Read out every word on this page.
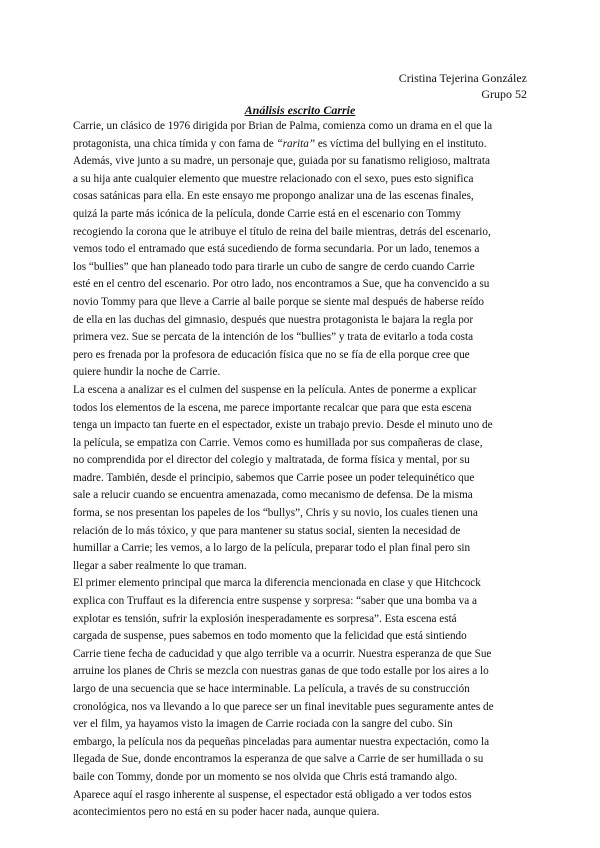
Cristina Tejerina González
Grupo 52
Análisis escrito Carrie

Carrie, un clásico de 1976 dirigida por Brian de Palma, comienza como un drama en el que la
protagonista, una chica tímida y con fama de “rarita” es víctima del bullying en el instituto.
Además, vive junto a su madre, un personaje que, guiada por su fanatismo religioso, maltrata
a su hija ante cualquier elemento que muestre relacionado con el sexo, pues esto significa
cosas satánicas para ella. En este ensayo me propongo analizar una de las escenas finales,
quizá la parte más icónica de la película, donde Carrie está en el escenario con Tommy
recogiendo la corona que le atribuye el título de reina del baile mientras, detrás del escenario,
vemos todo el entramado que está sucediendo de forma secundaria. Por un lado, tenemos a
los “bullies” que han planeado todo para tirarle un cubo de sangre de cerdo cuando Carrie
esté en el centro del escenario. Por otro lado, nos encontramos a Sue, que ha convencido a su
novio Tommy para que lleve a Carrie al baile porque se siente mal después de haberse reído
de ella en las duchas del gimnasio, después que nuestra protagonista le bajara la regla por
primera vez. Sue se percata de la intención de los “bullies” y trata de evitarlo a toda costa
pero es frenada por la profesora de educación física que no se fía de ella porque cree que
quiere hundir la noche de Carrie.

La escena a analizar es el culmen del suspense en la película. Antes de ponerme a explicar
todos los elementos de la escena, me parece importante recalcar que para que esta escena
tenga un impacto tan fuerte en el espectador, existe un trabajo previo. Desde el minuto uno de
la película, se empatiza con Carrie. Vemos como es humillada por sus compañeras de clase,
no comprendida por el director del colegio y maltratada, de forma física y mental, por su
madre. También, desde el principio, sabemos que Carrie posee un poder telequinético que
sale a relucir cuando se encuentra amenazada, como mecanismo de defensa. De la misma
forma, se nos presentan los papeles de los “bullys”, Chris y su novio, los cuales tienen una
relación de lo más tóxico, y que para mantener su status social, sienten la necesidad de
humillar a Carrie; les vemos, a lo largo de la película, preparar todo el plan final pero sin
llegar a saber realmente lo que traman.

El primer elemento principal que marca la diferencia mencionada en clase y que Hitchcock
explica con Truffaut es la diferencia entre suspense y sorpresa: “saber que una bomba va a
explotar es tensión, sufrir la explosión inesperadamente es sorpresa”. Esta escena está
cargada de suspense, pues sabemos en todo momento que la felicidad que está sintiendo
Carrie tiene fecha de caducidad y que algo terrible va a ocurrir. Nuestra esperanza de que Sue
arruine los planes de Chris se mezcla con nuestras ganas de que todo estalle por los aires a lo
largo de una secuencia que se hace interminable. La película, a través de su construcción
cronológica, nos va llevando a lo que parece ser un final inevitable pues seguramente antes de
ver el film, ya hayamos visto la imagen de Carrie rociada con la sangre del cubo. Sin
embargo, la película nos da pequeñas pinceladas para aumentar nuestra expectación, como la
llegada de Sue, donde encontramos la esperanza de que salve a Carrie de ser humillada o su
baile con Tommy, donde por un momento se nos olvida que Chris está tramando algo.
Aparece aquí el rasgo inherente al suspense, el espectador está obligado a ver todos estos
acontecimientos pero no está en su poder hacer nada, aunque quiera.
